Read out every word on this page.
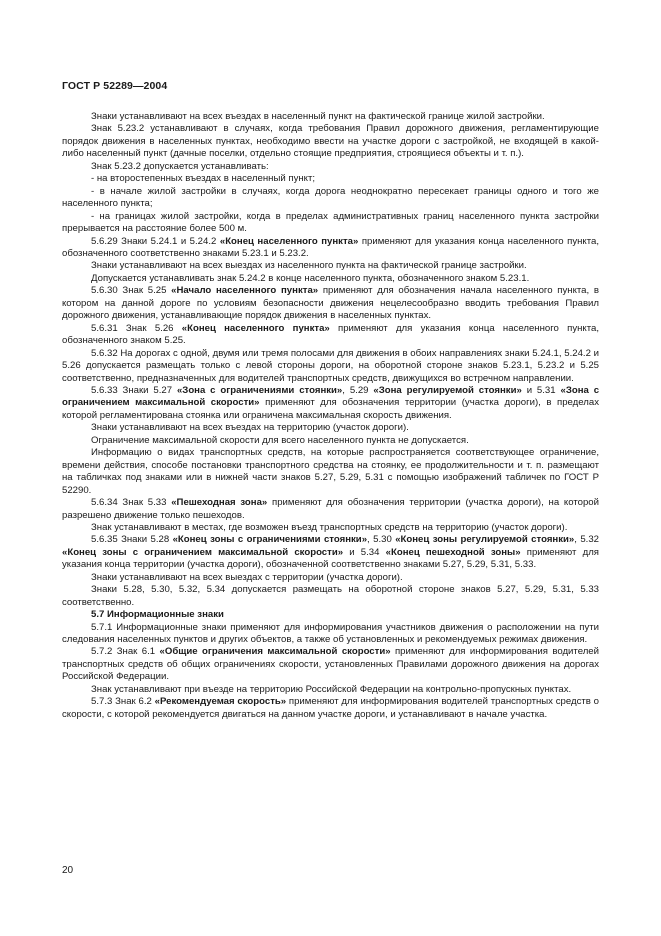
ГОСТ Р 52289—2004

Знаки устанавливают на всех въездах в населенный пункт на фактической границе жилой застройки.

Знак 5.23.2 устанавливают в случаях, когда требования Правил дорожного движения, регламентирующие порядок движения в населенных пунктах, необходимо ввести на участке дороги с застройкой, не входящей в какой-либо населенный пункт (дачные поселки, отдельно стоящие предприятия, строящиеся объекты и т. п.).

Знак 5.23.2 допускается устанавливать:

- на второстепенных въездах в населенный пункт;

- в начале жилой застройки в случаях, когда дорога неоднократно пересекает границы одного и того же населенного пункта;

- на границах жилой застройки, когда в пределах административных границ населенного пункта застройки прерывается на расстояние более 500 м.

5.6.29 Знаки 5.24.1 и 5.24.2 «Конец населенного пункта» применяют для указания конца населенного пункта, обозначенного соответственно знаками 5.23.1 и 5.23.2.

Знаки устанавливают на всех выездах из населенного пункта на фактической границе застройки.

Допускается устанавливать знак 5.24.2 в конце населенного пункта, обозначенного знаком 5.23.1.

5.6.30 Знак 5.25 «Начало населенного пункта» применяют для обозначения начала населенного пункта, в котором на данной дороге по условиям безопасности движения нецелесообразно вводить требования Правил дорожного движения, устанавливающие порядок движения в населенных пунктах.

5.6.31 Знак 5.26 «Конец населенного пункта» применяют для указания конца населенного пункта, обозначенного знаком 5.25.

5.6.32 На дорогах с одной, двумя или тремя полосами для движения в обоих направлениях знаки 5.24.1, 5.24.2 и 5.26 допускается размещать только с левой стороны дороги, на оборотной стороне знаков 5.23.1, 5.23.2 и 5.25 соответственно, предназначенных для водителей транспортных средств, движущихся во встречном направлении.

5.6.33 Знаки 5.27 «Зона с ограничениями стоянки», 5.29 «Зона регулируемой стоянки» и 5.31 «Зона с ограничением максимальной скорости» применяют для обозначения территории (участка дороги), в пределах которой регламентирована стоянка или ограничена максимальная скорость движения.

Знаки устанавливают на всех въездах на территорию (участок дороги).

Ограничение максимальной скорости для всего населенного пункта не допускается.

Информацию о видах транспортных средств, на которые распространяется соответствующее ограничение, времени действия, способе постановки транспортного средства на стоянку, ее продолжительности и т. п. размещают на табличках под знаками или в нижней части знаков 5.27, 5.29, 5.31 с помощью изображений табличек по ГОСТ Р 52290.

5.6.34 Знак 5.33 «Пешеходная зона» применяют для обозначения территории (участка дороги), на которой разрешено движение только пешеходов.

Знак устанавливают в местах, где возможен въезд транспортных средств на территорию (участок дороги).

5.6.35 Знаки 5.28 «Конец зоны с ограничениями стоянки», 5.30 «Конец зоны регулируемой стоянки», 5.32 «Конец зоны с ограничением максимальной скорости» и 5.34 «Конец пешеходной зоны» применяют для указания конца территории (участка дороги), обозначенной соответственно знаками 5.27, 5.29, 5.31, 5.33.

Знаки устанавливают на всех выездах с территории (участка дороги).

Знаки 5.28, 5.30, 5.32, 5.34 допускается размещать на оборотной стороне знаков 5.27, 5.29, 5.31, 5.33 соответственно.

5.7 Информационные знаки

5.7.1 Информационные знаки применяют для информирования участников движения о расположении на пути следования населенных пунктов и других объектов, а также об установленных и рекомендуемых режимах движения.

5.7.2 Знак 6.1 «Общие ограничения максимальной скорости» применяют для информирования водителей транспортных средств об общих ограничениях скорости, установленных Правилами дорожного движения на дорогах Российской Федерации.

Знак устанавливают при въезде на территорию Российской Федерации на контрольно-пропускных пунктах.

5.7.3 Знак 6.2 «Рекомендуемая скорость» применяют для информирования водителей транспортных средств о скорости, с которой рекомендуется двигаться на данном участке дороги, и устанавливают в начале участка.

20
